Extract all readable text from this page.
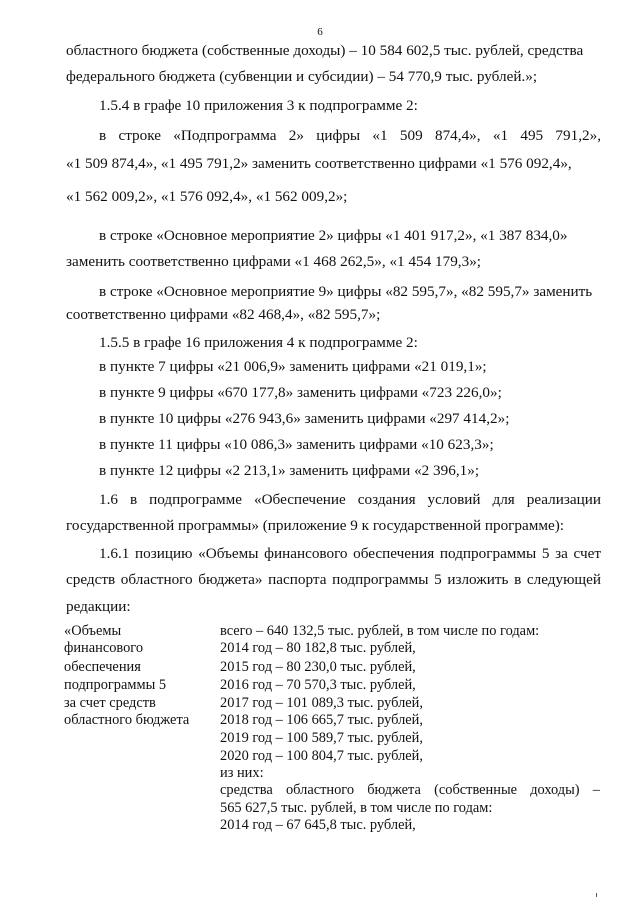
6
областного бюджета (собственные доходы) – 10 584 602,5 тыс. рублей, средства
федерального бюджета (субвенции и субсидии) – 54 770,9 тыс. рублей.»;
1.5.4 в графе 10 приложения 3 к подпрограмме 2:
в строке «Подпрограмма 2» цифры «1 509 874,4», «1 495 791,2»,
«1 509 874,4», «1 495 791,2» заменить соответственно цифрами «1 576 092,4»,
«1 562 009,2», «1 576 092,4», «1 562 009,2»;
в строке «Основное мероприятие 2» цифры «1 401 917,2», «1 387 834,0»
заменить соответственно цифрами «1 468 262,5», «1 454 179,3»;
в строке «Основное мероприятие 9» цифры «82 595,7», «82 595,7» заменить
соответственно цифрами «82 468,4», «82 595,7»;
1.5.5 в графе 16 приложения 4 к подпрограмме 2:
в пункте 7 цифры «21 006,9» заменить цифрами «21 019,1»;
в пункте 9 цифры «670 177,8» заменить цифрами «723 226,0»;
в пункте 10 цифры «276 943,6» заменить цифрами «297 414,2»;
в пункте 11 цифры «10 086,3» заменить цифрами «10 623,3»;
в пункте 12 цифры «2 213,1» заменить цифрами «2 396,1»;
1.6 в подпрограмме «Обеспечение создания условий для реализации
государственной программы» (приложение 9 к государственной программе):
1.6.1 позицию «Объемы финансового обеспечения подпрограммы 5 за счет
средств областного бюджета» паспорта подпрограммы 5 изложить в следующей
редакции:
«Объемы
финансового
обеспечения
подпрограммы 5
за счет средств
областного бюджета
всего – 640 132,5 тыс. рублей, в том числе по годам:
2014 год – 80 182,8 тыс. рублей,
2015 год – 80 230,0 тыс. рублей,
2016 год – 70 570,3 тыс. рублей,
2017 год – 101 089,3 тыс. рублей,
2018 год – 106 665,7 тыс. рублей,
2019 год – 100 589,7 тыс. рублей,
2020 год – 100 804,7 тыс. рублей,
из них:
средства областного бюджета (собственные доходы) –
565 627,5 тыс. рублей, в том числе по годам:
2014 год – 67 645,8 тыс. рублей,
